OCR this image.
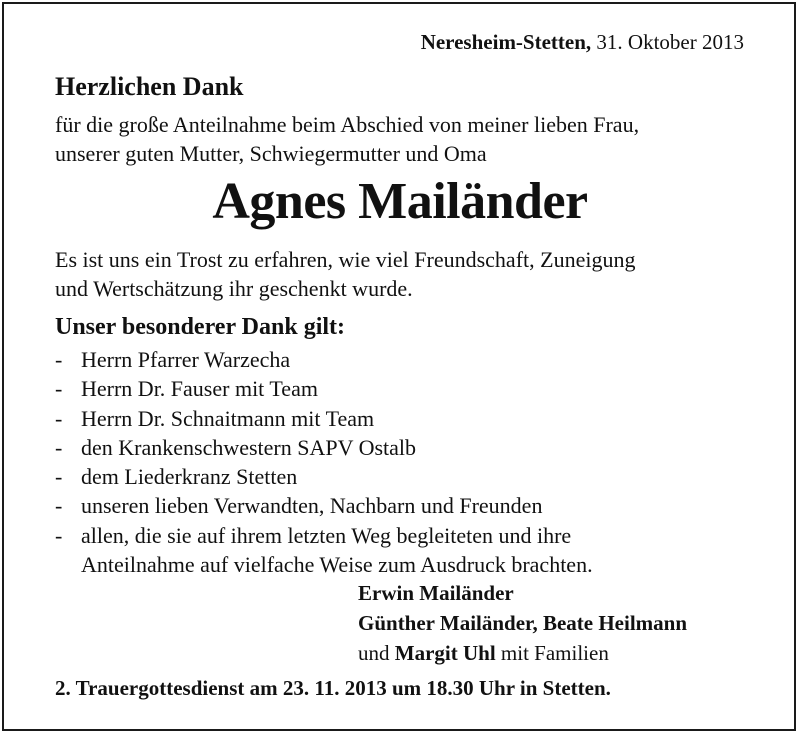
Neresheim-Stetten, 31. Oktober 2013
Herzlichen Dank
für die große Anteilnahme beim Abschied von meiner lieben Frau,
unserer guten Mutter, Schwiegermutter und Oma
Agnes Mailänder
Es ist uns ein Trost zu erfahren, wie viel Freundschaft, Zuneigung
und Wertschätzung ihr geschenkt wurde.
Unser besonderer Dank gilt:
- Herrn Pfarrer Warzecha
- Herrn Dr. Fauser mit Team
- Herrn Dr. Schnaitmann mit Team
- den Krankenschwestern SAPV Ostalb
- dem Liederkranz Stetten
- unseren lieben Verwandten, Nachbarn und Freunden
- allen, die sie auf ihrem letzten Weg begleiteten und ihre
Anteilnahme auf vielfache Weise zum Ausdruck brachten.
Erwin Mailänder
Günther Mailänder, Beate Heilmann
und Margit Uhl mit Familien
2. Trauergottesdienst am 23. 11. 2013 um 18.30 Uhr in Stetten.
